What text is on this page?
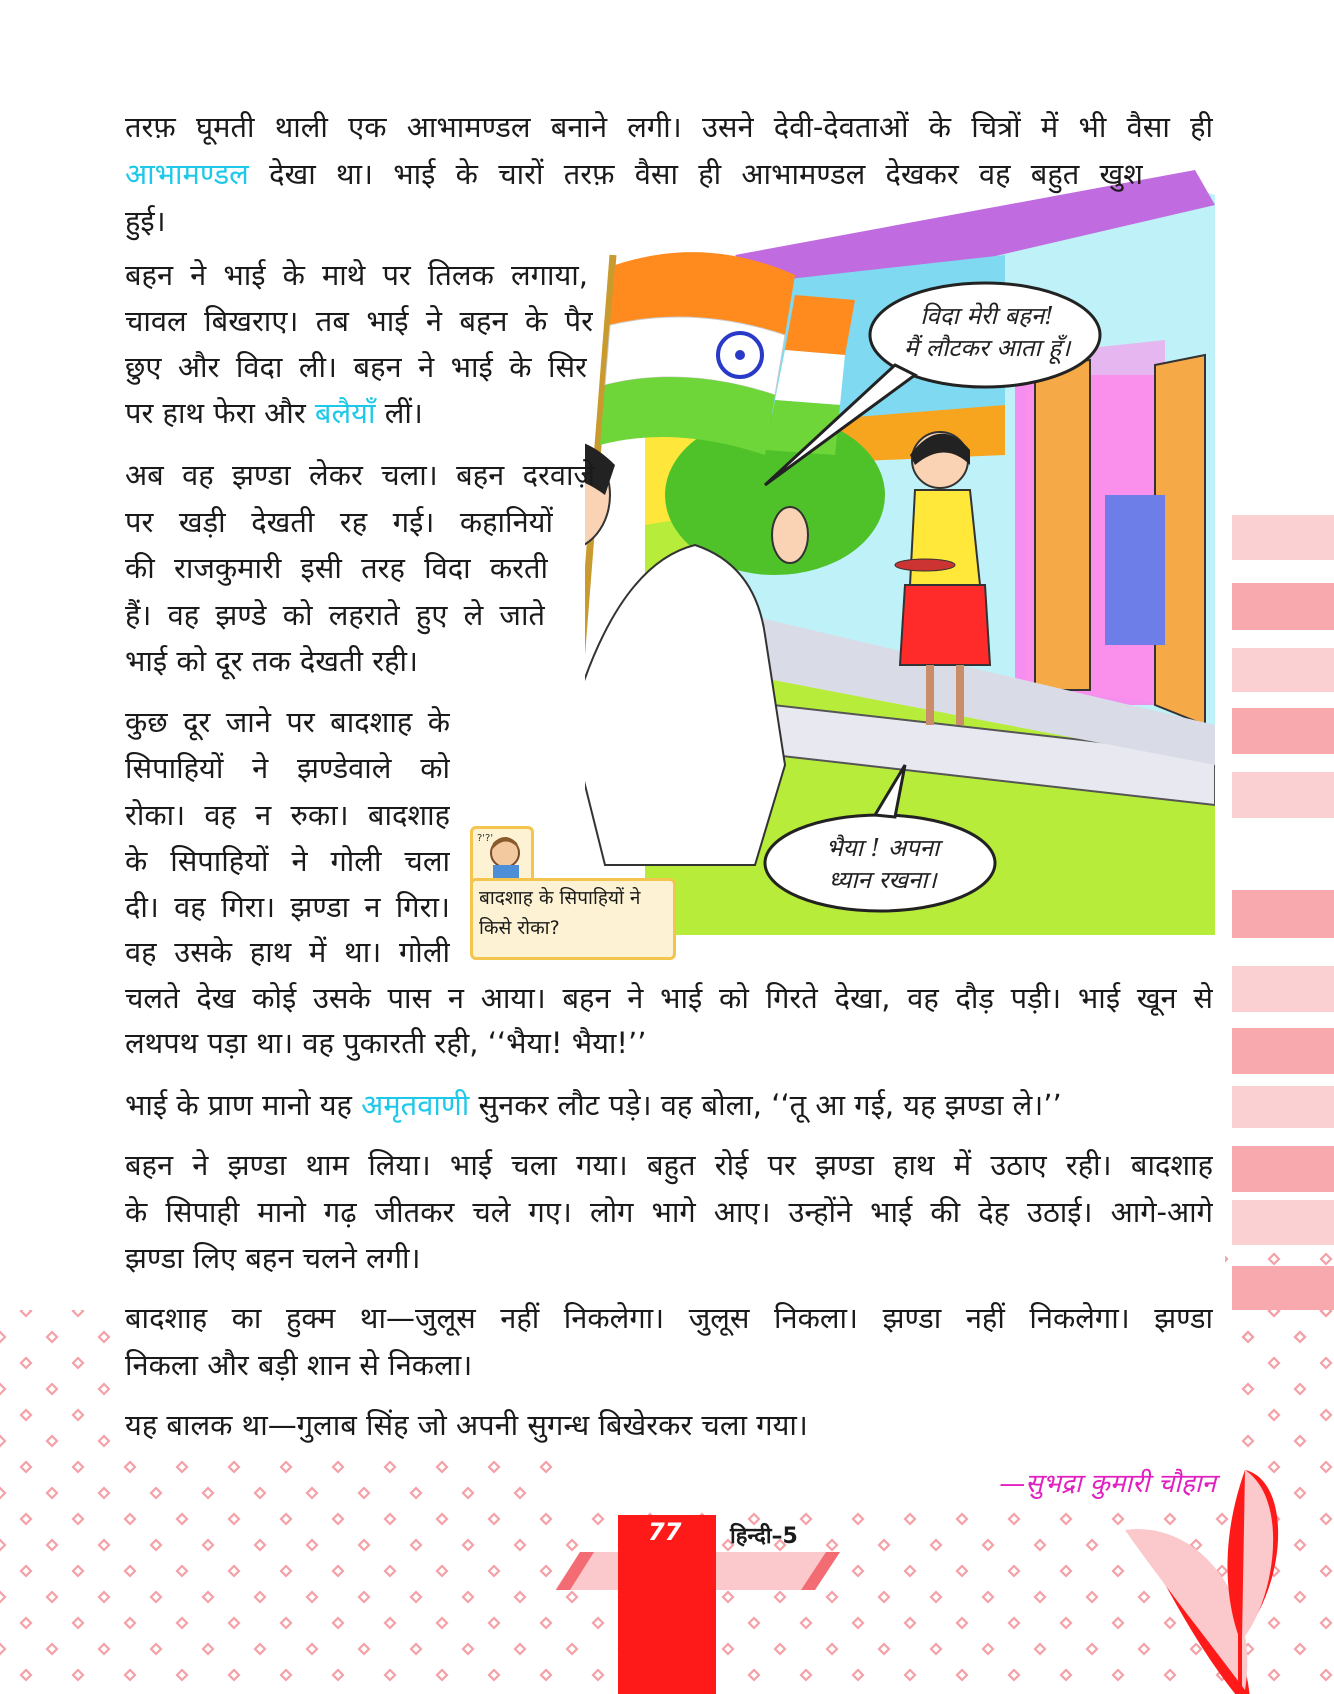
विदा मेरी बहन!
मैं लौटकर आता हूँ।
भैया ! अपना
ध्यान रखना।
?'?'
बादशाह के सिपाहियों ने किसे रोका?
तरफ़ घूमती थाली एक आभामण्डल बनाने लगी। उसने देवी-देवताओं के चित्रों में भी वैसा ही
आभामण्डल देखा था। भाई के चारों तरफ़ वैसा ही आभामण्डल देखकर वह बहुत खुश
हुई।
बहन ने भाई के माथे पर तिलक लगाया,
चावल बिखराए। तब भाई ने बहन के पैर
छुए और विदा ली। बहन ने भाई के सिर
पर हाथ फेरा और बलैयाँ लीं।
अब वह झण्डा लेकर चला। बहन दरवाज़े
पर खड़ी देखती रह गई। कहानियों
की राजकुमारी इसी तरह विदा करती
हैं। वह झण्डे को लहराते हुए ले जाते
भाई को दूर तक देखती रही।
कुछ दूर जाने पर बादशाह के
सिपाहियों ने झण्डेवाले को
रोका। वह न रुका। बादशाह
के सिपाहियों ने गोली चला
दी। वह गिरा। झण्डा न गिरा।
वह उसके हाथ में था। गोली
चलते देख कोई उसके पास न आया। बहन ने भाई को गिरते देखा, वह दौड़ पड़ी। भाई खून से
लथपथ पड़ा था। वह पुकारती रही, ‘‘भैया! भैया!’’
भाई के प्राण मानो यह अमृतवाणी सुनकर लौट पड़े। वह बोला, ‘‘तू आ गई, यह झण्डा ले।’’
बहन ने झण्डा थाम लिया। भाई चला गया। बहुत रोई पर झण्डा हाथ में उठाए रही। बादशाह
के सिपाही मानो गढ़ जीतकर चले गए। लोग भागे आए। उन्होंने भाई की देह उठाई। आगे-आगे
झण्डा लिए बहन चलने लगी।
बादशाह का हुक्म था—जुलूस नहीं निकलेगा। जुलूस निकला। झण्डा नहीं निकलेगा। झण्डा
निकला और बड़ी शान से निकला।
यह बालक था—गुलाब सिंह जो अपनी सुगन्ध बिखेरकर चला गया।
—सुभद्रा कुमारी चौहान
77 हिन्दी–5
